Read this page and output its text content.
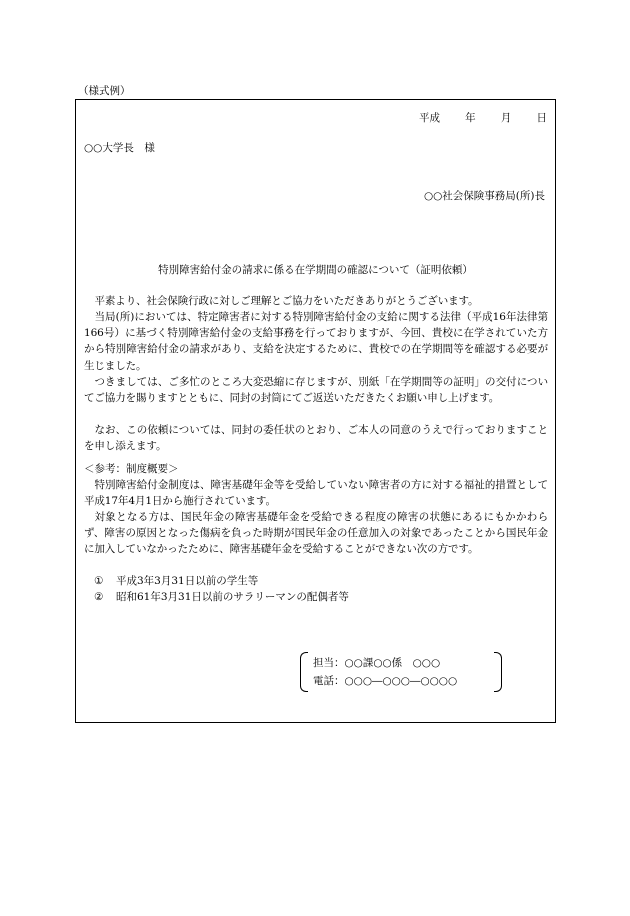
（様式例）
平成 年 月 日
○○大学長　様
○○社会保険事務局(所)長
特別障害給付金の請求に係る在学期間の確認について（証明依頼）
平素より、社会保険行政に対しご理解とご協力をいただきありがとうございます。
当局(所)においては、特定障害者に対する特別障害給付金の支給に関する法律（平成16年法律第166号）に基づく特別障害給付金の支給事務を行っておりますが、今回、貴校に在学されていた方から特別障害給付金の請求があり、支給を決定するために、貴校での在学期間等を確認する必要が生じました。
つきましては、ご多忙のところ大変恐縮に存じますが、別紙「在学期間等の証明」の交付についてご協力を賜りますとともに、同封の封筒にてご返送いただきたくお願い申し上げます。
なお、この依頼については、同封の委任状のとおり、ご本人の同意のうえで行っておりますことを申し添えます。
＜参考：制度概要＞
特別障害給付金制度は、障害基礎年金等を受給していない障害者の方に対する福祉的措置として平成17年4月1日から施行されています。
対象となる方は、国民年金の障害基礎年金を受給できる程度の障害の状態にあるにもかかわらず、障害の原因となった傷病を負った時期が国民年金の任意加入の対象であったことから国民年金に加入していなかったために、障害基礎年金を受給することができない次の方です。
① 平成3年3月31日以前の学生等
② 昭和61年3月31日以前のサラリーマンの配偶者等
担当：○○課○○係　○○○
電話：○○○―○○○―○○○○
